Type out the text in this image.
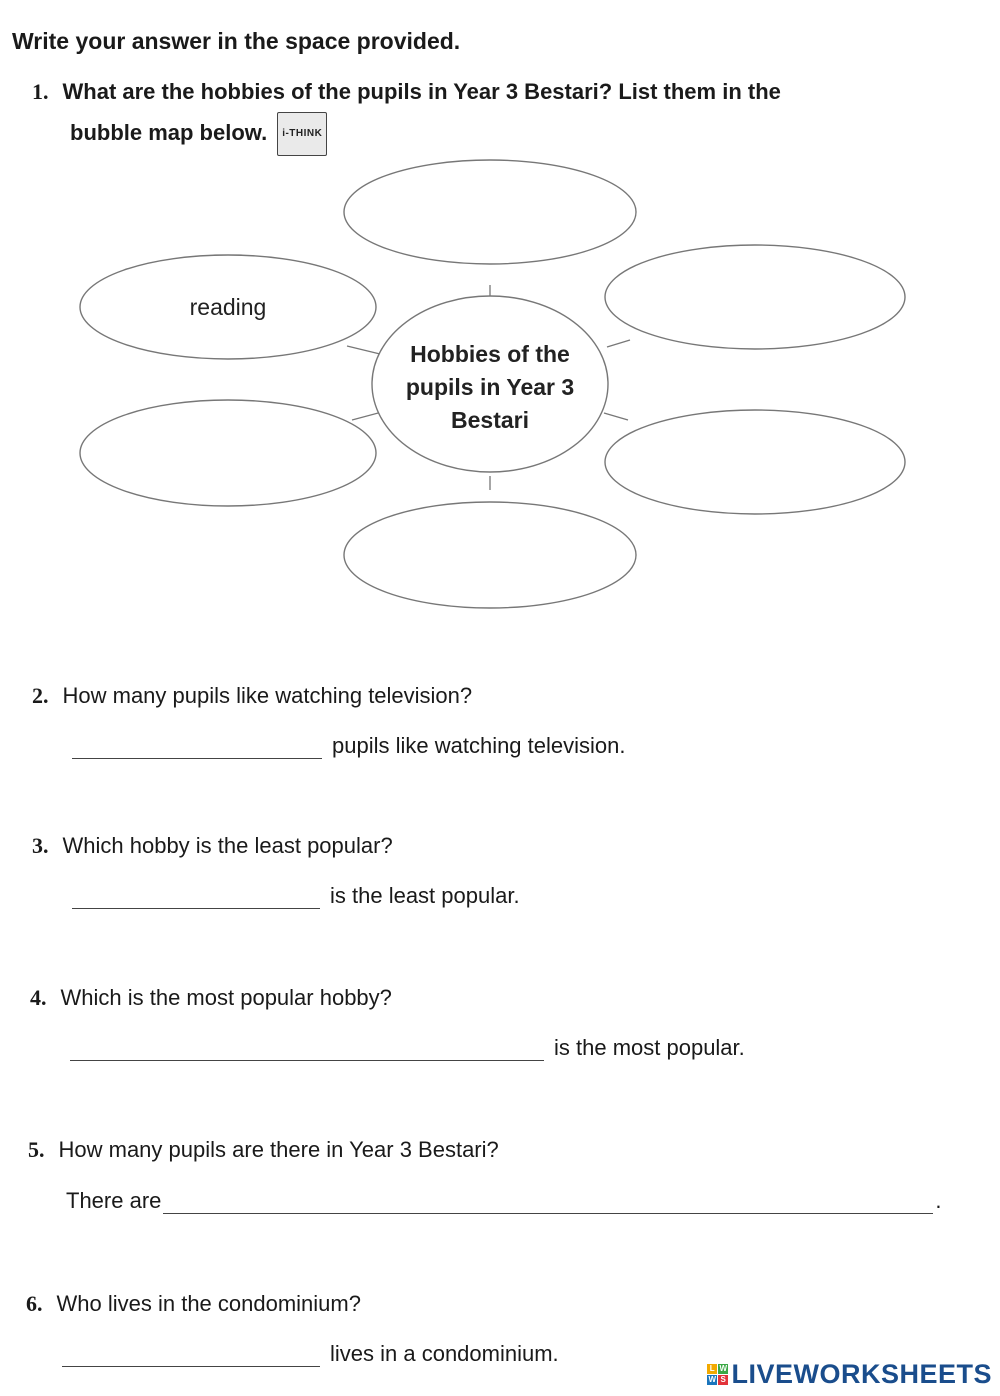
Write your answer in the space provided.
1. What are the hobbies of the pupils in Year 3 Bestari? List them in the
bubble map below. i-THINK
reading
Hobbies of the
pupils in Year 3
Bestari
2. How many pupils like watching television?
pupils like watching television.
3. Which hobby is the least popular?
is the least popular.
4. Which is the most popular hobby?
is the most popular.
5. How many pupils are there in Year 3 Bestari?
There are	.
6. Who lives in the condominium?
lives in a condominium.
L W
W S LIVEWORKSHEETS
